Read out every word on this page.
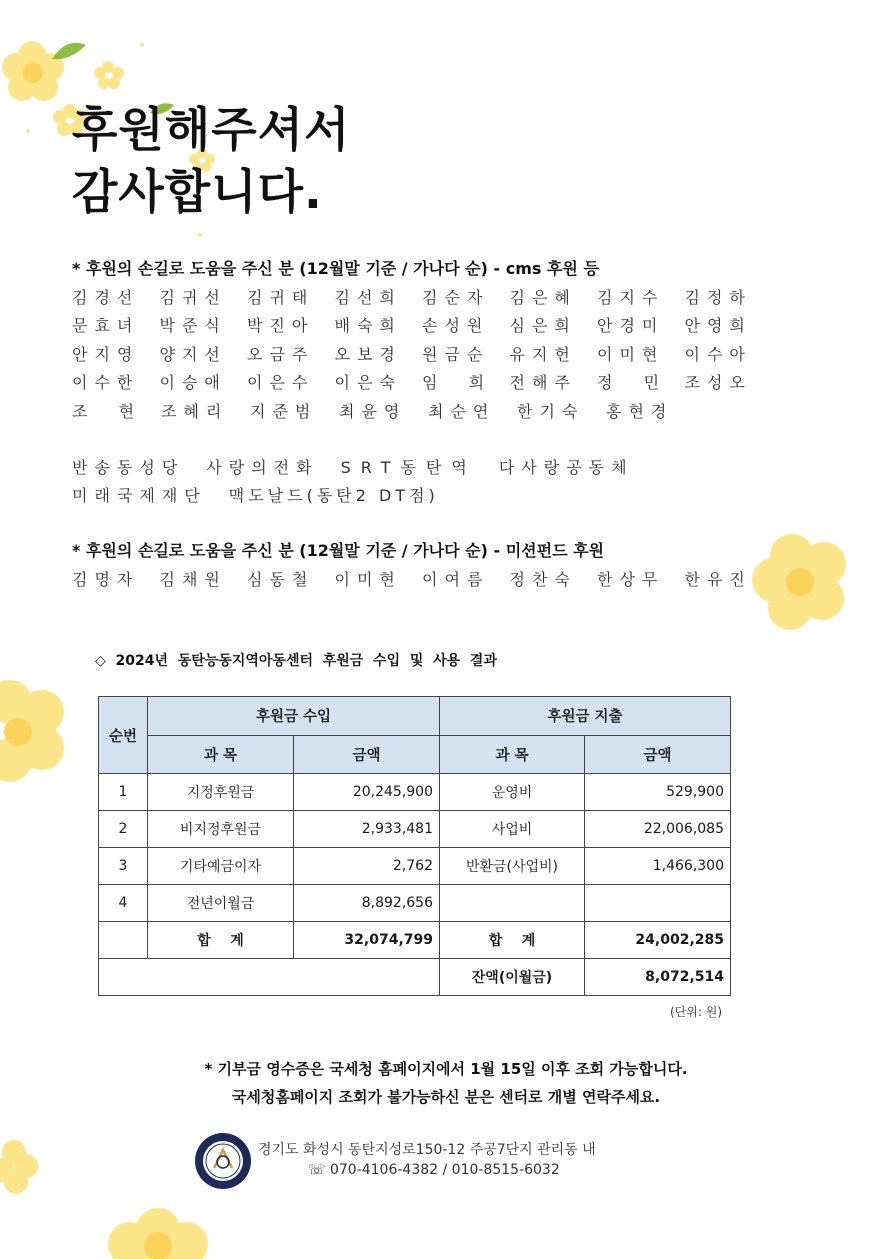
후원해주셔서
감사합니다.
* 후원의 손길로 도움을 주신 분 (12월말 기준 / 가나다 순) - cms 후원 등
김경선	김귀선	김귀태	김선희	김순자	김은혜	김지수	김정하
문효녀	박준식	박진아	배숙희	손성원	심은희	안경미	안영희
안지영	양지선	오금주	오보경	원금순	유지헌	이미현	이수아
이수한	이승애	이은수	이은숙	임  희	전해주	정  민	조성오
조  현	조혜리	지준범	최윤영	최순연	한기숙	홍현경
반송동성당 사랑의전화 SRT동탄역 다사랑공동체
미래국제재단 맥도날드(동탄2 DT점)
* 후원의 손길로 도움을 주신 분 (12월말 기준 / 가나다 순) - 미션펀드 후원
김명자	김채원	심동철	이미현	이여름	정찬숙	한상무	한유진
◇  2024년  동탄능동지역아동센터  후원금  수입  및  사용  결과
순번	후원금 수입		후원금 지출	
	과 목	금액	과 목	금액
1	지정후원금	20,245,900	운영비	529,900
2	비지정후원금	2,933,481	사업비	22,006,085
3	기타예금이자	2,762	반환금(사업비)	1,466,300
4	전년이월금	8,892,656		
	합    계	32,074,799	합    계	24,002,285
			잔액(이월금)	8,072,514
(단위: 원)
* 기부금 영수증은 국세청 홈페이지에서 1월 15일 이후 조회 가능합니다.
국세청홈페이지 조회가 불가능하신 분은 센터로 개별 연락주세요.
경기도 화성시 동탄지성로150-12 주공7단지 관리동 내
☏ 070-4106-4382 / 010-8515-6032
